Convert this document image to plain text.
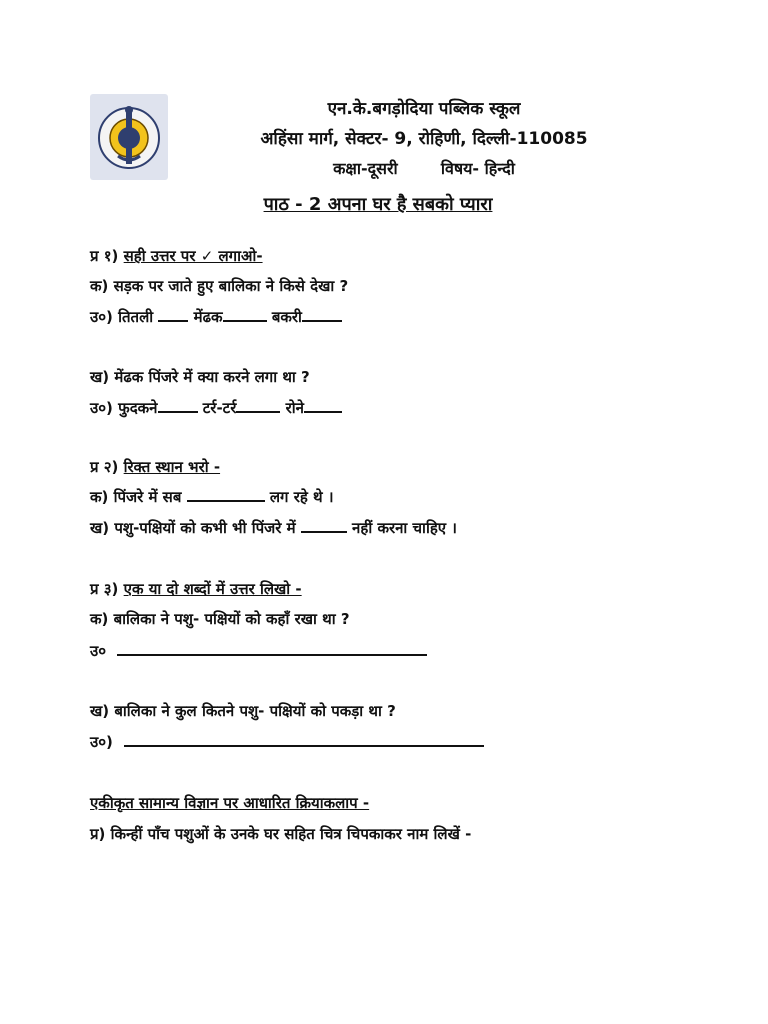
एन.के.बगड़ोदिया पब्लिक स्कूल
अहिंसा मार्ग, सेक्टर- 9, रोहिणी, दिल्ली-110085
कक्षा-दूसरी	विषय- हिन्दी
पाठ - 2 अपना घर है सबको प्यारा
प्र १) सही उत्तर पर ✓ लगाओ-
क) सड़क पर जाते हुए बालिका ने किसे देखा ?
उ०) तितली	मेंढक	बकरी
ख) मेंढक पिंजरे में क्या करने लगा था ?
उ०) फुदकने	टर्र-टर्र	रोने
प्र २) रिक्त स्थान भरो -
क) पिंजरे में सब	लग रहे थे ।
ख) पशु-पक्षियों को कभी भी पिंजरे में	नहीं करना चाहिए ।
प्र ३) एक या दो शब्दों में उत्तर लिखो -
क) बालिका ने पशु- पक्षियों को कहाँ रखा था ?
उ०
ख) बालिका ने कुल कितने पशु- पक्षियों को पकड़ा था ?
उ०)
एकीकृत सामान्य विज्ञान पर आधारित क्रियाकलाप -
प्र) किन्हीं पाँच पशुओं के उनके घर सहित चित्र चिपकाकर नाम लिखें -
